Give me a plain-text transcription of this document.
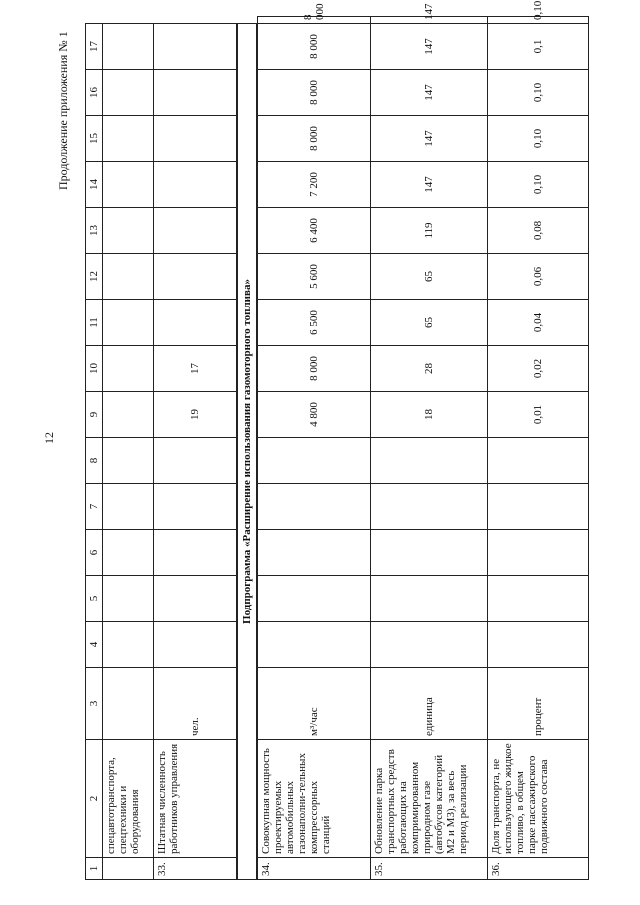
12
Продолжение приложения № 1
1	2	3	4	5	6	7	8	9	10	11	12	13	14	15	16	17	
	спецавтотранспорта, спецтехники и оборудования																
33.	Штатная численность работников управления	чел.						19	17								
Подпрограмма «Расширение использования газомоторного топлива»																	
34.	Совокупная мощность проектируемых автомобильных газонаполни-тельных компрессорных станций	м³/час						4 800	8 000	6 500	5 600	6 400	7 200	8 000	8 000	8 000	8 000
35.	Обновление парка транспортных средств работающих на компримированном природном газе (автобусов категорий М2 и М3), за весь период реализации	единица						18	28	65	65	119	147	147	147	147	147
36.	Доля транспорта, не использующего жидкое топливо, в общем парке пассажирского подвижного состава	процент						0,01	0,02	0,04	0,06	0,08	0,10	0,10	0,10	0,1	0,10
